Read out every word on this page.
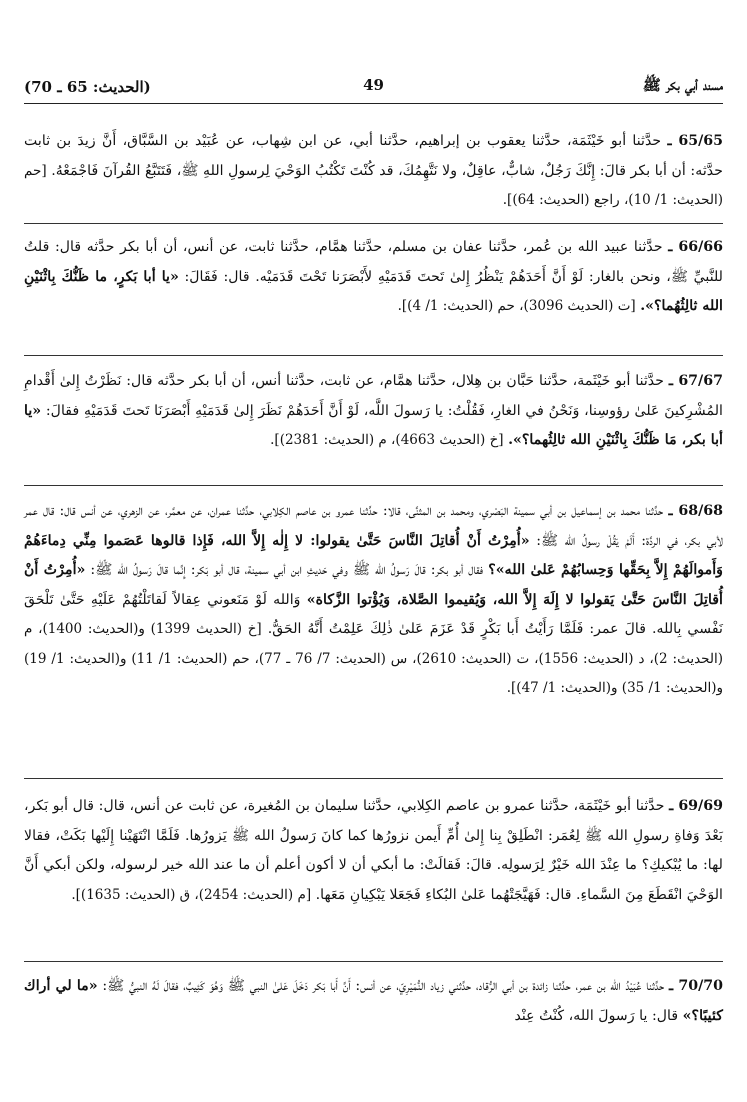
مسند أبي بكر ﷺ
49
(الحديث: 65 ـ 70)
65/65 ـ حدَّثنا أبو خَيْثَمَة، حدَّثنا يعقوب بن إبراهيم، حدَّثنا أبي، عن ابن شِهاب، عن عُبَيْد بن السَّبَّاق، أَنَّ زيدَ بن ثابت حدَّثه: أن أبا بكر قالَ: إِنَّكَ رَجُلٌ، شابٌّ، عاقِلٌ، ولا نَتَّهِمُكَ، قد كُنْتَ تَكْتُبُ الوَحْيَ لِرسولِ اللهِ ﷺ، فَتَتَبَّعُ القُرآنَ فَاجْمَعْهُ. [حم (الحديث: 1/ 10)، راجع (الحديث: 64)].
66/66 ـ حدَّثنا عبيد الله بن عُمر، حدَّثنا عفان بن مسلم، حدَّثنا همَّام، حدَّثنا ثابت، عن أنس، أن أبا بكر حدَّثه قال: قلتُ للنَّبيِّ ﷺ، ونحن بالغار: لَوْ أَنَّ أَحَدَهُمْ يَنْظُرُ إِلىٰ تَحتَ قَدَمَيْهِ لأَبْصَرَنا تَحْتَ قَدَمَيْه. قال: فَقَالَ: «يا أبا بَكرٍ، ما ظَنُّكَ بِاثْنَيْنِ الله ثالِثُهُما؟». [ت (الحديث 3096)، حم (الحديث: 1/ 4)].
67/67 ـ حدَّثنا أبو خَيْثَمة، حدَّثنا حَبَّان بن هِلال، حدَّثنا همَّام، عن ثابت، حدَّثنا أنس، أن أبا بكر حدَّثه قال: نَظَرْتُ إِلىٰ أَقْدامِ المُشْرِكينَ عَلىٰ رؤوسِنا، وَنَحْنُ في الغارِ، فَقُلْتُ: يا رَسولَ اللَّه، لَوْ أَنَّ أَحَدَهُمْ نَظَرَ إِلىٰ قَدَمَيْهِ أَبْصَرَنَا تَحتَ قَدَمَيْهِ فقالَ: «يا أبا بكر، مَا ظَنُّكَ بِاثْنَيْنِ الله ثالِثُهما؟». [خ (الحديث 4663)، م (الحديث: 2381)].
68/68 ـ حدَّثنا محمد بن إسماعيل بن أبي سمينة البَصْري، ومحمد بن المثنَّى، قالا: حدَّثنا عمرو بن عاصم الكِلابي، حدَّثنا عمران، عن معمَّر، عن الزهري، عن أنس قال: قال عمر لأبي بكر، في الردَّة: أَلَمْ يَقُلْ رسولُ الله ﷺ: «أُمِرْتُ أَنْ أُقاتِلَ النَّاسَ حَتَّىٰ يقولوا: لا إِلٰه إِلاَّ الله، فَإِذا قالوها عَصَموا مِنِّي دِماءَهُمْ وَأَموالَهُمْ إِلاَّ بِحَقِّها وَحِسابُهُمْ عَلىٰ الله»؟ فقال أبو بكر: قالَ رَسولُ الله ﷺ وفي حَديثِ ابن أبي سمينة، قال أبو بَكر: إِنَّما قالَ رَسولُ الله ﷺ: «أُمِرْتُ أَنْ أُقاتِلَ النَّاسَ حَتَّىٰ يَقولوا لا إِلَهَ إِلاَّ الله، وَيُقيموا الصَّلاة، وَيُؤْتوا الزَّكاة» وَالله لَوْ مَنَعوني عِقالاً لَقاتَلْتُهُمْ عَلَيْهِ حَتَّىٰ تَلْحَقَ نَفْسي بِالله. قالَ عمر: فَلَمَّا رَأَيْتُ أَبا بَكْرٍ قَدْ عَزَمَ عَلىٰ ذٰلِكَ عَلِمْتُ أَنَّهُ الحَقُّ. [خ (الحديث 1399) و(الحديث: 1400)، م (الحديث: 2)، د (الحديث: 1556)، ت (الحديث: 2610)، س (الحديث: 7/ 76 ـ 77)، حم (الحديث: 1/ 11) و(الحديث: 1/ 19) و(الحديث: 1/ 35) و(الحديث: 1/ 47)].
69/69 ـ حدَّثنا أبو خَيْثَمَة، حدَّثنا عمرو بن عاصم الكِلابي، حدَّثنا سليمان بن المُغيرة، عن ثابت عن أنس، قال: قال أبو بَكر، بَعْدَ وَفاةِ رسولِ الله ﷺ لِعُمَر: انْطَلِقْ بِنا إِلىٰ أُمِّ أَيمن نزورُها كما كانَ رَسولُ الله ﷺ يَزورُها. فَلَمَّا انْتَهَيْنا إِلَيْها بَكَتْ، فقالا لها: ما يُبْكيكِ؟ ما عِنْدَ الله خَيْرٌ لِرَسولِه. قالَ: فَقالَتْ: ما أبكي أن لا أكون أعلم أن ما عند الله خير لرسوله، ولكن أبكي أَنَّ الوَحْيَ انْقَطَعَ مِنَ السَّماءِ. قال: فَهَيَّجَتْهُما عَلىٰ البُكاءِ فَجَعَلا يَبْكِيانِ مَعَها. [م (الحديث: 2454)، ق (الحديث: 1635)].
70/70 ـ حدَّثنا عُبَيْدُ الله بن عمر، حدَّثنا زائدة بن أبي الرُّقاد، حدَّثني زياد النُّمَيْرِيّ، عن أنس: أَنَّ أَبا بَكر دَخَلَ عَلىٰ النبي ﷺ وَهُوَ كَئِيبٌ، فقالَ لَهُ النبيُّ ﷺ: «ما لي أراك كئيبًا؟» قال: يا رَسولَ الله، كُنْتُ عِنْد
